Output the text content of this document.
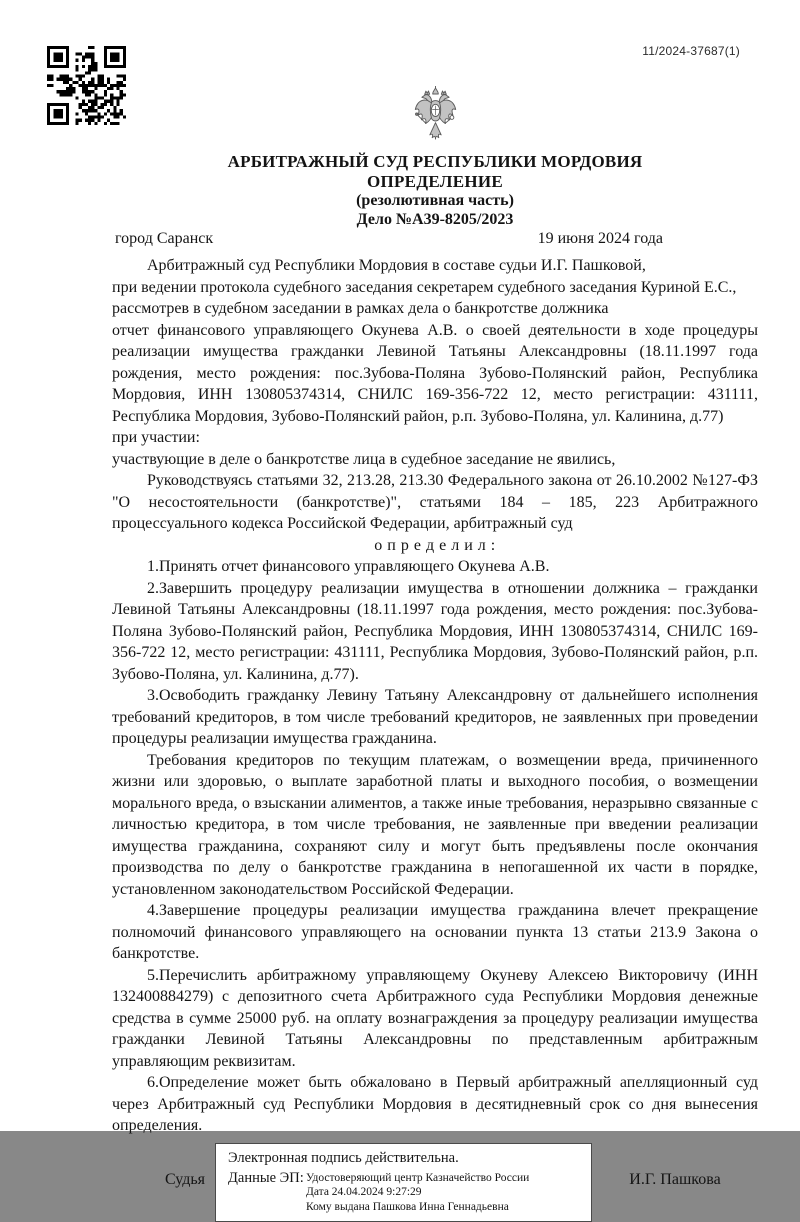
11/2024-37687(1)
АРБИТРАЖНЫЙ СУД РЕСПУБЛИКИ МОРДОВИЯ
ОПРЕДЕЛЕНИЕ
(резолютивная часть)
Дело №А39-8205/2023
город Саранск	19 июня 2024 года

Арбитражный суд Республики Мордовия в составе судьи И.Г. Пашковой,

при ведении протокола судебного заседания секретарем судебного заседания Куриной Е.С.,

рассмотрев в судебном заседании в рамках дела о банкротстве должника

отчет финансового управляющего Окунева А.В. о своей деятельности в ходе процедуры реализации имущества гражданки Левиной Татьяны Александровны (18.11.1997 года рождения, место рождения: пос.Зубова-Поляна Зубово-Полянский район, Республика Мордовия, ИНН 130805374314, СНИЛС 169-356-722 12, место регистрации: 431111, Республика Мордовия, Зубово-Полянский район, р.п. Зубово-Поляна, ул. Калинина, д.77)

при участии:

участвующие в деле о банкротстве лица в судебное заседание не явились,

Руководствуясь статьями 32, 213.28, 213.30 Федерального закона от 26.10.2002 №127-ФЗ "О несостоятельности (банкротстве)", статьями 184 – 185, 223 Арбитражного процессуального кодекса Российской Федерации, арбитражный суд

о п р е д е л и л :

1.Принять отчет финансового управляющего Окунева А.В.

2.Завершить процедуру реализации имущества в отношении должника – гражданки Левиной Татьяны Александровны (18.11.1997 года рождения, место рождения: пос.Зубова-Поляна Зубово-Полянский район, Республика Мордовия, ИНН 130805374314, СНИЛС 169-356-722 12, место регистрации: 431111, Республика Мордовия, Зубово-Полянский район, р.п. Зубово-Поляна, ул. Калинина, д.77).

3.Освободить гражданку Левину Татьяну Александровну от дальнейшего исполнения требований кредиторов, в том числе требований кредиторов, не заявленных при проведении процедуры реализации имущества гражданина.

Требования кредиторов по текущим платежам, о возмещении вреда, причиненного жизни или здоровью, о выплате заработной платы и выходного пособия, о возмещении морального вреда, о взыскании алиментов, а также иные требования, неразрывно связанные с личностью кредитора, в том числе требования, не заявленные при введении реализации имущества гражданина, сохраняют силу и могут быть предъявлены после окончания производства по делу о банкротстве гражданина в непогашенной их части в порядке, установленном законодательством Российской Федерации.

4.Завершение процедуры реализации имущества гражданина влечет прекращение полномочий финансового управляющего на основании пункта 13 статьи 213.9 Закона о банкротстве.

5.Перечислить арбитражному управляющему Окуневу Алексею Викторовичу (ИНН 132400884279) с депозитного счета Арбитражного суда Республики Мордовия денежные средства в сумме 25000 руб. на оплату вознаграждения за процедуру реализации имущества гражданки Левиной Татьяны Александровны по представленным арбитражным управляющим реквизитам.

6.Определение может быть обжаловано в Первый арбитражный апелляционный суд через Арбитражный суд Республики Мордовия в десятидневный срок со дня вынесения определения.

Судья
Электронная подпись действительна.
Данные ЭП: Удостоверяющий центр Казначейство России
Дата 24.04.2024 9:27:29
Кому выдана Пашкова Инна Геннадьевна
И.Г. Пашкова
